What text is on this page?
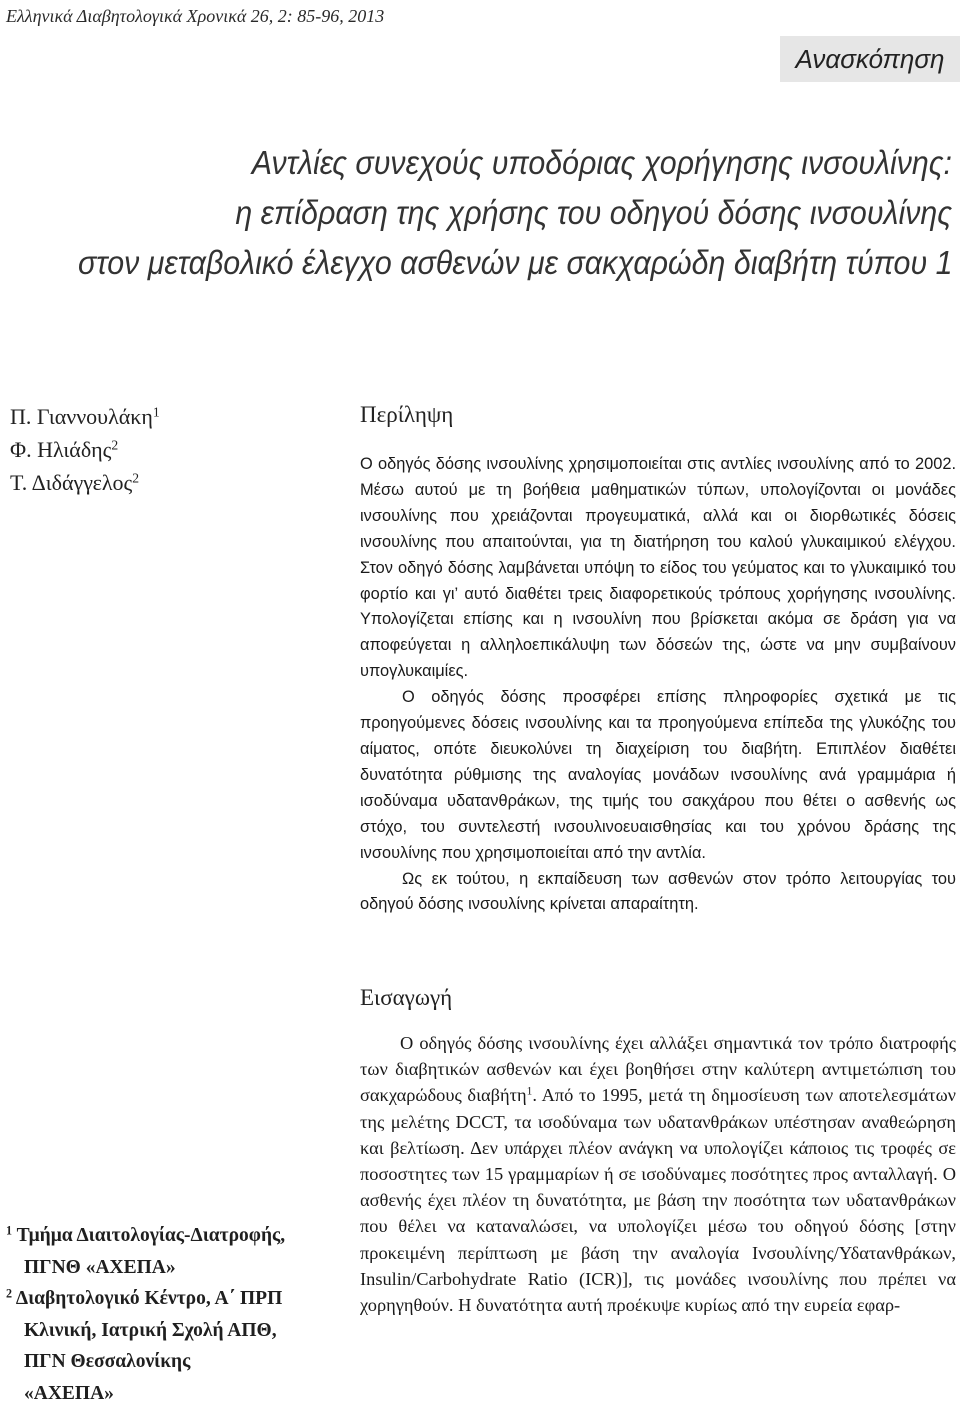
Ελληνικά Διαβητολογικά Χρονικά 26, 2: 85-96, 2013
Ανασκόπηση
Αντλίες συνεχούς υποδόριας χορήγησης ινσουλίνης:
η επίδραση της χρήσης του οδηγού δόσης ινσουλίνης
στον μεταβολικό έλεγχο ασθενών με σακχαρώδη διαβήτη τύπου 1
Π. Γιαννουλάκη$^1$
Φ. Ηλιάδης$^2$
Τ. Διδάγγελος$^2$
$^1$ Τμήμα Διαιτολογίας-Διατροφής,
ΠΓΝΘ «ΑΧΕΠΑ»
$^2$ Διαβητολογικό Κέντρο, Α΄ ΠΡΠ
Κλινική, Ιατρική Σχολή ΑΠΘ,
ΠΓΝ Θεσσαλονίκης
«ΑΧΕΠΑ»
Περίληψη

Ο οδηγός δόσης ινσουλίνης χρησιμοποιείται στις αντλίες ινσουλίνης από το 2002. Μέσω αυτού με τη βοήθεια μαθηματικών τύπων, υπολογίζονται οι μονάδες ινσουλίνης που χρειάζονται προγευματικά, αλλά και οι διορθωτικές δόσεις ινσουλίνης που απαιτούνται, για τη διατήρηση του καλού γλυκαιμικού ελέγχου. Στον οδηγό δόσης λαμβάνεται υπόψη το είδος του γεύματος και το γλυκαιμικό του φορτίο και γι’ αυτό διαθέτει τρεις διαφορετικούς τρόπους χορήγησης ινσουλίνης. Υπολογίζεται επίσης και η ινσουλίνη που βρίσκεται ακόμα σε δράση για να αποφεύγεται η αλληλοεπικάλυψη των δόσεών της, ώστε να μην συμβαίνουν υπογλυκαιμίες.

Ο οδηγός δόσης προσφέρει επίσης πληροφορίες σχετικά με τις προηγούμενες δόσεις ινσουλίνης και τα προηγούμενα επίπεδα της γλυκόζης του αίματος, οπότε διευκολύνει τη διαχείριση του διαβήτη. Επιπλέον διαθέτει δυνατότητα ρύθμισης της αναλογίας μονάδων ινσουλίνης ανά γραμμάρια ή ισοδύναμα υδατανθράκων, της τιμής του σακχάρου που θέτει ο ασθενής ως στόχο, του συντελεστή ινσουλινοευαισθησίας και του χρόνου δράσης της ινσουλίνης που χρησιμοποιείται από την αντλία.

Ως εκ τούτου, η εκπαίδευση των ασθενών στον τρόπο λειτουργίας του οδηγού δόσης ινσουλίνης κρίνεται απαραίτητη.

Εισαγωγή

Ο οδηγός δόσης ινσουλίνης έχει αλλάξει σημαντικά τον τρόπο διατροφής των διαβητικών ασθενών και έχει βοηθήσει στην καλύτερη αντιμετώπιση του σακχαρώδους διαβήτη$^1$. Από το 1995, μετά τη δημοσίευση των αποτελεσμάτων της μελέτης DCCT, τα ισοδύναμα των υδατανθράκων υπέστησαν αναθεώρηση και βελτίωση. Δεν υπάρχει πλέον ανάγκη να υπολογίζει κάποιος τις τροφές σε ποσοστητες των 15 γραμμαρίων ή σε ισοδύναμες ποσότητες προς ανταλλαγή. Ο ασθενής έχει πλέον τη δυνατότητα, με βάση την ποσότητα των υδατανθράκων που θέλει να καταναλώσει, να υπολογίζει μέσω του οδηγού δόσης [στην προκειμένη περίπτωση με βάση την αναλογία Ινσουλίνης/Υδατανθράκων, Insulin/Carbohydrate Ratio (ICR)], τις μονάδες ινσουλίνης που πρέπει να χορηγηθούν. Η δυνατότητα αυτή προέκυψε κυρίως από την ευρεία εφαρ-
